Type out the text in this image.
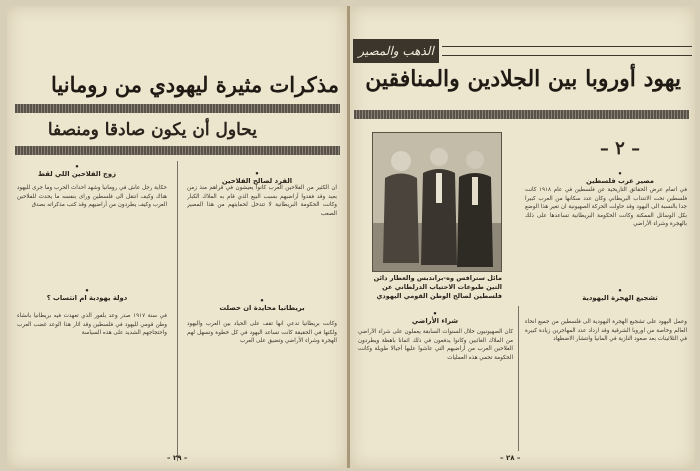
مذكرات مثيرة ليهودي من رومانيا
يحاول أن يكون صادقا ومنصفا
• زوج الفلاحين اللي لقط
• الفرد لصالح الفلاحين
حكاية رجل عاش في رومانيا وشهد احداث الحرب وما جرى لليهود هناك وكيف انتقل الى فلسطين وراى بنفسه ما يحدث للفلاحين العرب وكيف يطردون من أراضيهم وقد كتب مذكراته بصدق
ان الكثير من الفلاحين العرب كانوا يعيشون في قراهم منذ زمن بعيد وقد فقدوا أراضيهم بسبب البيع الذي قام به الملاك الكبار وكانت الحكومة البريطانية لا تتدخل لحمايتهم من هذا المصير الصعب
• دولة يهودية ام انتساب ؟
• بريطانيا محايدة ان حصلت
في سنة ١٩١٧ صدر وعد بلفور الذي تعهدت فيه بريطانيا بانشاء وطن قومي لليهود في فلسطين وقد اثار هذا الوعد غضب العرب واحتجاجهم الشديد على هذه السياسة
وكانت بريطانيا تدعي انها تقف على الحياد بين العرب واليهود ولكنها في الحقيقة كانت تساعد اليهود في كل خطوة وتسهل لهم الهجرة وشراء الأراضي وتضيق على العرب
– ٢٩ –
الذهب والمصير
يهود أوروبا بين الجلادين والمنافقين
مائل سترافس وه-براندبس والعطار دائن التين طبوعات الاحتياب الدرلطاني عن فلسطين لصالح الوطن القومي اليهودي
– ٢ –
• مصير عرب فلسطين
في اتمام عرض الحقائق التاريخية عن فلسطين في عام ١٩١٨ كانت فلسطين تحت الانتداب البريطاني وكان عدد سكانها من العرب كبيرا جدا بالنسبة الى اليهود وقد حاولت الحركة الصهيونية ان تغير هذا الوضع بكل الوسائل الممكنة وكانت الحكومة البريطانية تساعدها على ذلك بالهجرة وشراء الأراضي
• تشجيع الهجرة اليهودية
وعمل اليهود على تشجيع الهجرة اليهودية الى فلسطين من جميع انحاء العالم وخاصة من اوروبا الشرقية وقد ازداد عدد المهاجرين زيادة كبيرة في الثلاثينات بعد صعود النازية في المانيا وانتشار الاضطهاد
• شراء الأراضي
كان الصهيونيون خلال السنوات السابقة يعملون على شراء الأراضي من الملاك الغائبين وكانوا يدفعون في ذلك اثمانا باهظة ويطردون الفلاحين العرب من أراضيهم التي عاشوا عليها أجيالا طويلة وكانت الحكومة تحمي هذه العمليات
– ٢٨ –
